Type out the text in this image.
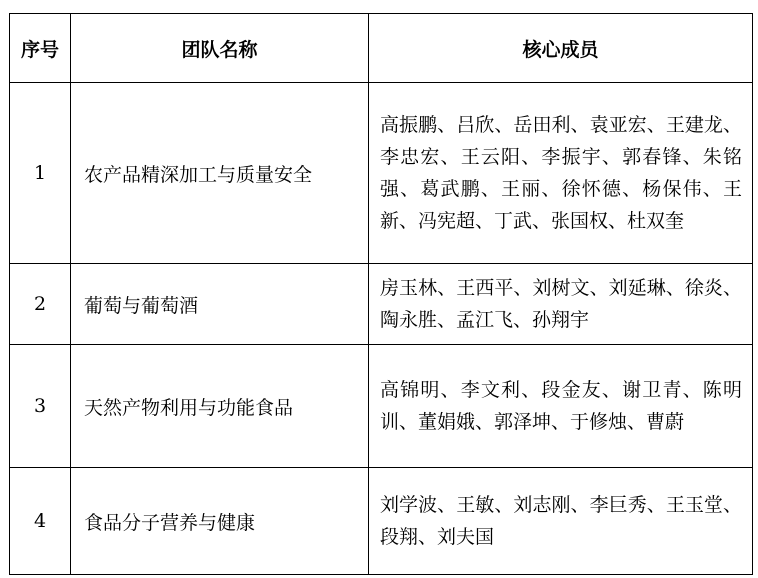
序号	团队名称	核心成员
1	农产品精深加工与质量安全	高振鹏、吕欣、岳田利、袁亚宏、王建龙、李忠宏、王云阳、李振宇、郭春锋、朱铭强、葛武鹏、王丽、徐怀德、杨保伟、王新、冯宪超、丁武、张国权、杜双奎
2	葡萄与葡萄酒	房玉林、王西平、刘树文、刘延琳、徐炎、陶永胜、孟江飞、孙翔宇
3	天然产物利用与功能食品	高锦明、李文利、段金友、谢卫青、陈明训、董娟娥、郭泽坤、于修烛、曹蔚
4	食品分子营养与健康	刘学波、王敏、刘志刚、李巨秀、王玉堂、段翔、刘夫国
